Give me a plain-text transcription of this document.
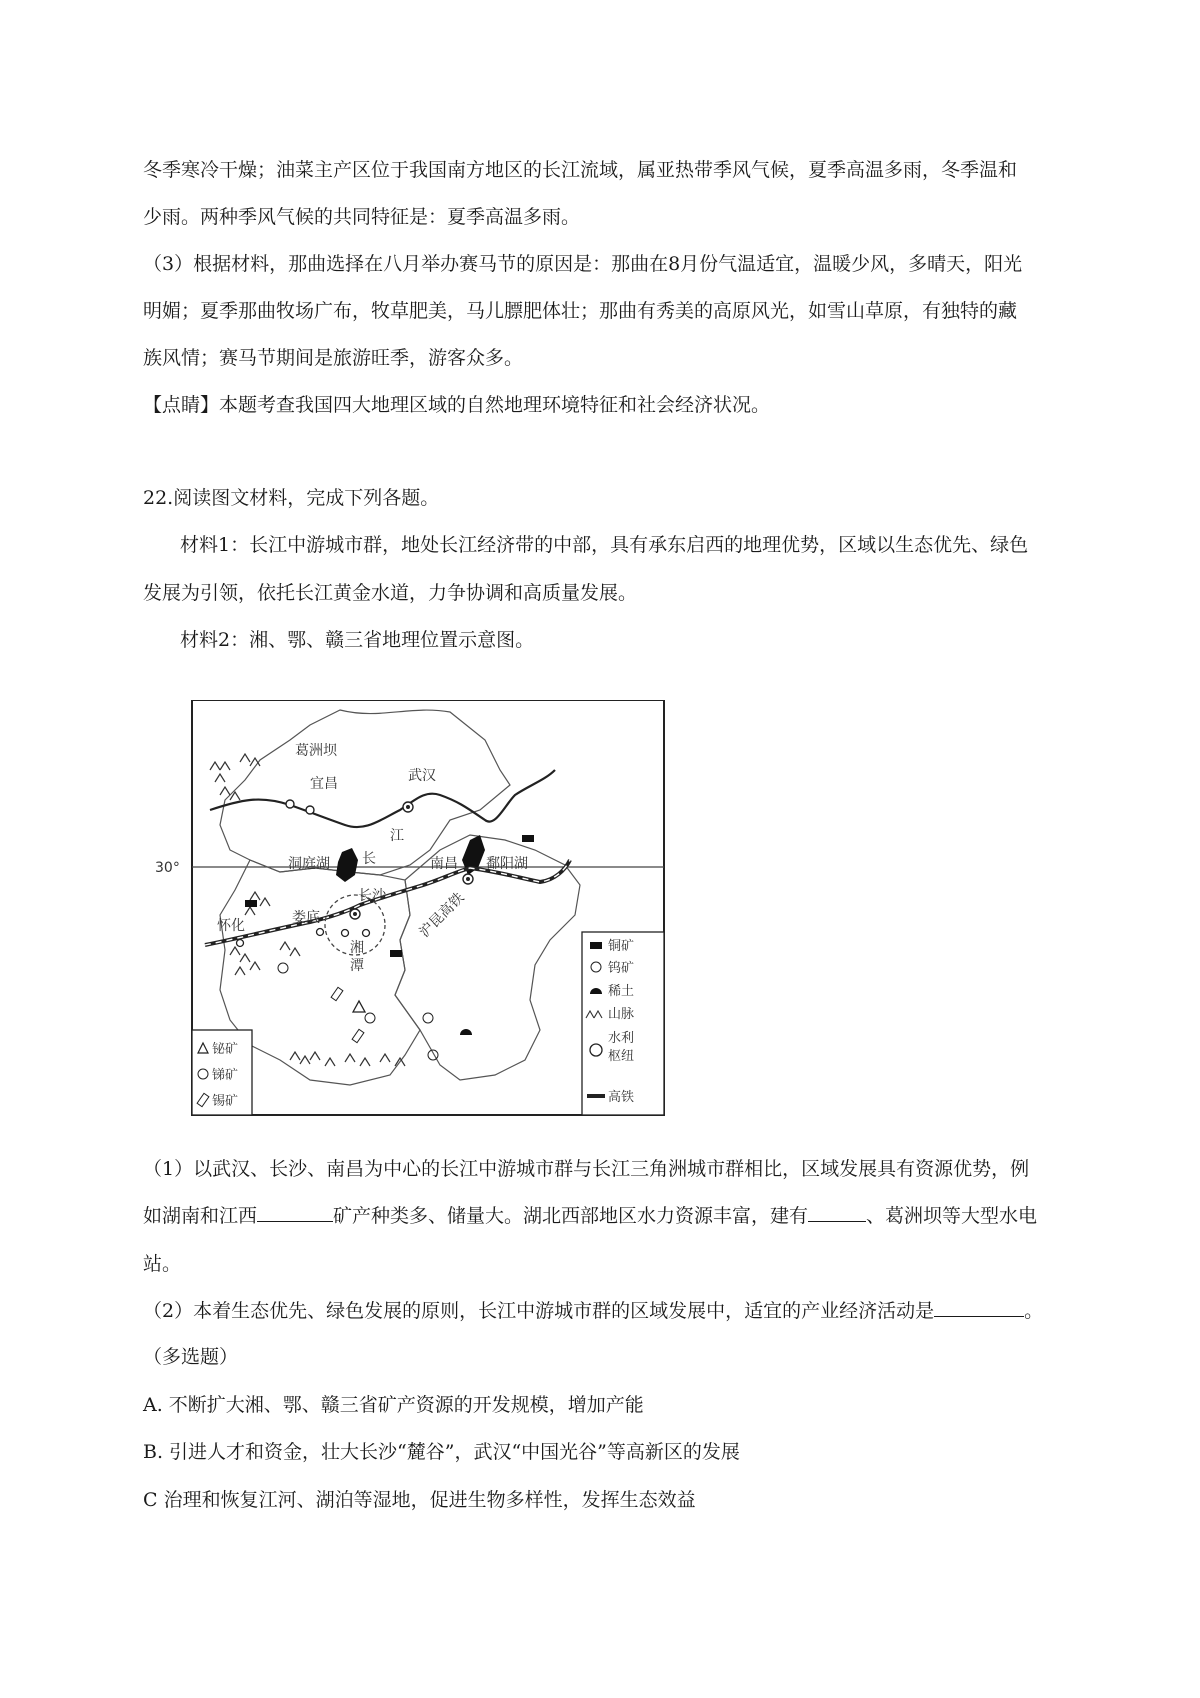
冬季寒冷干燥；油菜主产区位于我国南方地区的长江流域，属亚热带季风气候，夏季高温多雨，冬季温和
少雨。两种季风气候的共同特征是：夏季高温多雨。
（3）根据材料，那曲选择在八月举办赛马节的原因是：那曲在8月份气温适宜，温暖少风，多晴天，阳光
明媚；夏季那曲牧场广布，牧草肥美，马儿膘肥体壮；那曲有秀美的高原风光，如雪山草原，有独特的藏
族风情；赛马节期间是旅游旺季，游客众多。
【点睛】本题考查我国四大地理区域的自然地理环境特征和社会经济状况。
22.阅读图文材料，完成下列各题。
材料1：长江中游城市群，地处长江经济带的中部，具有承东启西的地理优势，区域以生态优先、绿色
发展为引领，依托长江黄金水道，力争协调和高质量发展。
材料2：湘、鄂、赣三省地理位置示意图。
30°
葛洲坝
宜昌	武汉
长
江
洞庭湖
长沙
南昌 鄱阳湖
怀化	娄底
湘
潭
沪昆高铁
铋矿
锑矿
锡矿
铜矿
钨矿
稀土
山脉
水利
枢纽
高铁
（1）以武汉、长沙、南昌为中心的长江中游城市群与长江三角洲城市群相比，区域发展具有资源优势，例
如湖南和江西	矿产种类多、储量大。湖北西部地区水力资源丰富，建有	、葛洲坝等大型水电
站。
（2）本着生态优先、绿色发展的原则，长江中游城市群的区域发展中，适宜的产业经济活动是	。
（多选题）
A. 不断扩大湘、鄂、赣三省矿产资源的开发规模，增加产能
B. 引进人才和资金，壮大长沙“麓谷”，武汉“中国光谷”等高新区的发展
C 治理和恢复江河、湖泊等湿地，促进生物多样性，发挥生态效益
